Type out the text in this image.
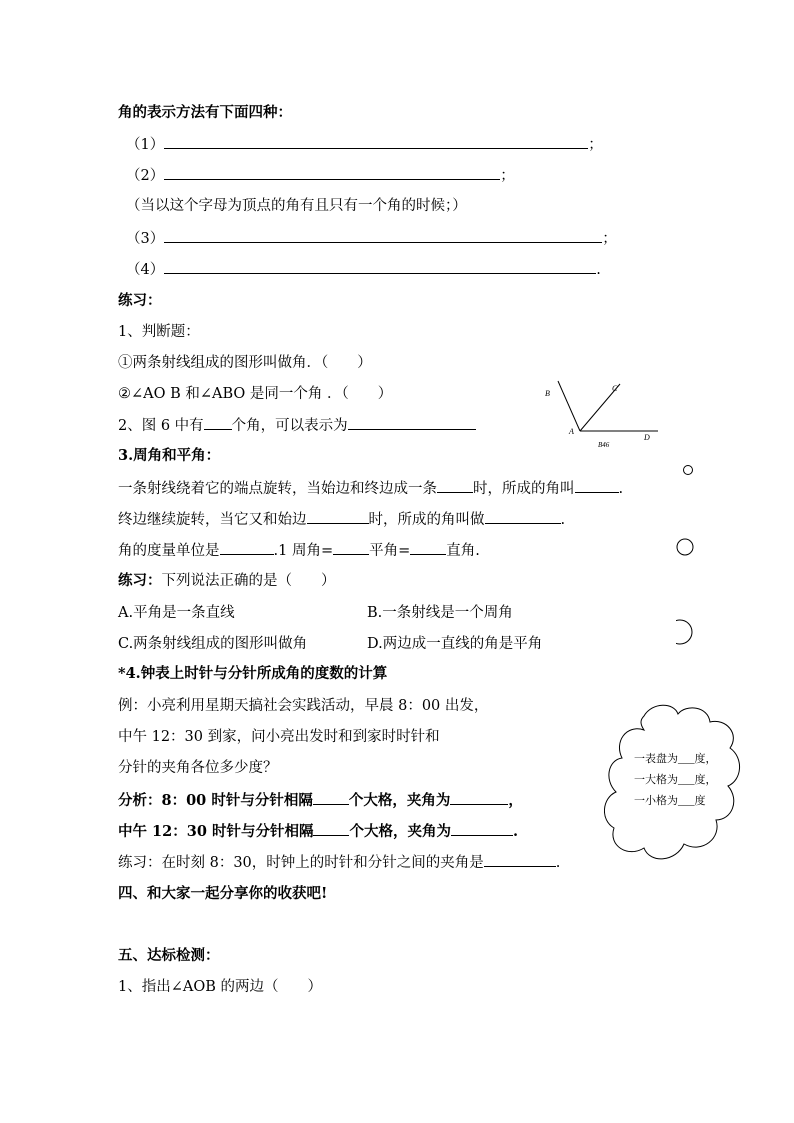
角的表示方法有下面四种：
（1）	；
（2）	；
（当以这个字母为顶点的角有且只有一个角的时候；）
（3）	；
（4）	.
练习：
1、判断题：
①两条射线组成的图形叫做角．（　　）
②∠AO B 和∠ABO 是同一个角 ．（　　）
2、图 6 中有 个角，可以表示为
B
C
A
D
B46
3.周角和平角：
一条射线绕着它的端点旋转，当始边和终边成一条 时，所成的角叫	.
终边继续旋转，当它又和始边	时，所成的角叫做	.
角的度量单位是	.1 周角= 平角= 直角.
练习：下列说法正确的是（　　）
A.平角是一条直线	B.一条射线是一个周角
C.两条射线组成的图形叫做角	D.两边成一直线的角是平角
*4.钟表上时针与分针所成角的度数的计算
例：小亮利用星期天搞社会实践活动，早晨 8：00 出发，
中午 12：30 到家，问小亮出发时和到家时时针和
分针的夹角各位多少度？
分析：8：00 时针与分针相隔 个大格，夹角为	，
中午 12：30 时针与分针相隔 个大格，夹角为	.
练习：在时刻 8：30，时钟上的时针和分针之间的夹角是	.
一表盘为___度，
一大格为___度，
一小格为___度
四、和大家一起分享你的收获吧!
五、达标检测：
1、指出∠AOB 的两边（　　）
